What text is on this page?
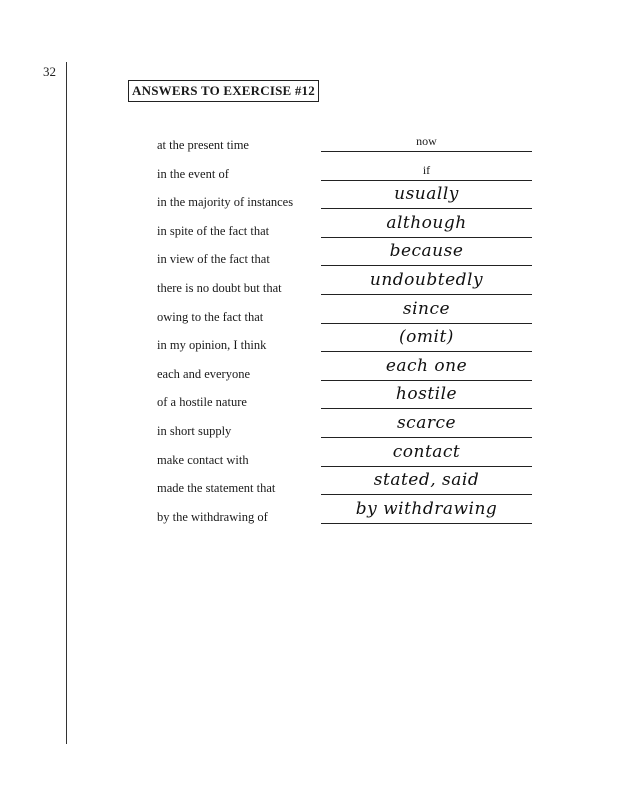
32
ANSWERS TO EXERCISE #12
at the present time	now
in the event of	if
in the majority of instances	usually
in spite of the fact that	although
in view of the fact that	because
there is no doubt but that	undoubtedly
owing to the fact that	since
in my opinion, I think	(omit)
each and everyone	each one
of a hostile nature	hostile
in short supply	scarce
make contact with	contact
made the statement that	stated, said
by the withdrawing of	by withdrawing
